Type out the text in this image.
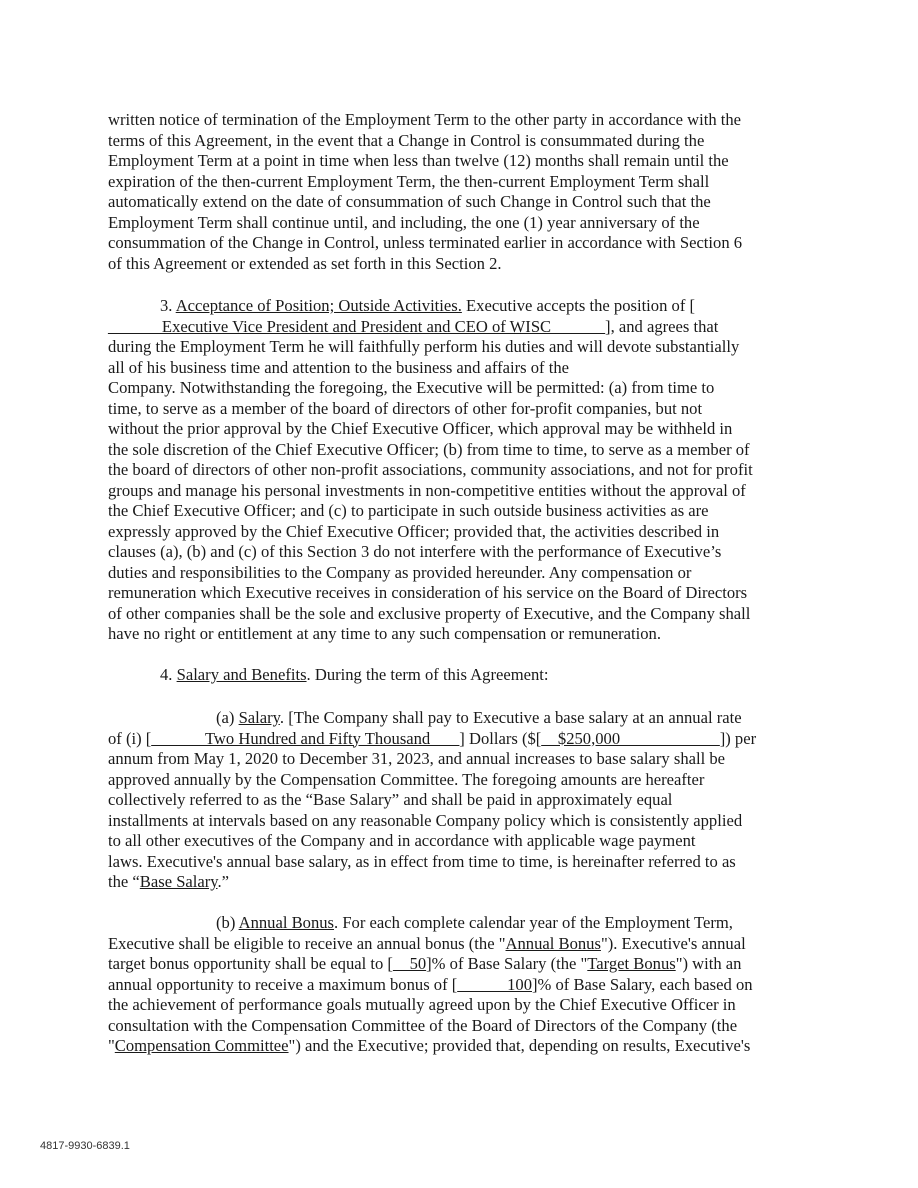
written notice of termination of the Employment Term to the other party in accordance with the
terms of this Agreement, in the event that a Change in Control is consummated during the
Employment Term at a point in time when less than twelve (12) months shall remain until the
expiration of the then-current Employment Term, the then-current Employment Term shall
automatically extend on the date of consummation of such Change in Control such that the
Employment Term shall continue until, and including, the one (1) year anniversary of the
consummation of the Change in Control, unless terminated earlier in accordance with Section 6
of this Agreement or extended as set forth in this Section 2.
3. Acceptance of Position; Outside Activities. Executive accepts the position of [
______ Executive Vice President and President and CEO of WISC ______], and agrees that
during the Employment Term he will faithfully perform his duties and will devote substantially
all of his business time and attention to the business and affairs of the
Company. Notwithstanding the foregoing, the Executive will be permitted: (a) from time to
time, to serve as a member of the board of directors of other for-profit companies, but not
without the prior approval by the Chief Executive Officer, which approval may be withheld in
the sole discretion of the Chief Executive Officer; (b) from time to time, to serve as a member of
the board of directors of other non-profit associations, community associations, and not for profit
groups and manage his personal investments in non-competitive entities without the approval of
the Chief Executive Officer; and (c) to participate in such outside business activities as are
expressly approved by the Chief Executive Officer; provided that, the activities described in
clauses (a), (b) and (c) of this Section 3 do not interfere with the performance of Executive’s
duties and responsibilities to the Company as provided hereunder. Any compensation or
remuneration which Executive receives in consideration of his service on the Board of Directors
of other companies shall be the sole and exclusive property of Executive, and the Company shall
have no right or entitlement at any time to any such compensation or remuneration.
4. Salary and Benefits. During the term of this Agreement:
(a) Salary. [The Company shall pay to Executive a base salary at an annual rate
of (i) [______ Two Hundred and Fifty Thousand ___] Dollars ($[__$250,000____________]) per
annum from May 1, 2020 to December 31, 2023, and annual increases to base salary shall be
approved annually by the Compensation Committee. The foregoing amounts are hereafter
collectively referred to as the “Base Salary” and shall be paid in approximately equal
installments at intervals based on any reasonable Company policy which is consistently applied
to all other executives of the Company and in accordance with applicable wage payment
laws. Executive's annual base salary, as in effect from time to time, is hereinafter referred to as
the “Base Salary.”
(b) Annual Bonus. For each complete calendar year of the Employment Term,
Executive shall be eligible to receive an annual bonus (the "Annual Bonus"). Executive's annual
target bonus opportunity shall be equal to [__50]% of Base Salary (the "Target Bonus") with an
annual opportunity to receive a maximum bonus of [______100]% of Base Salary, each based on
the achievement of performance goals mutually agreed upon by the Chief Executive Officer in
consultation with the Compensation Committee of the Board of Directors of the Company (the
"Compensation Committee") and the Executive; provided that, depending on results, Executive's
4817-9930-6839.1
